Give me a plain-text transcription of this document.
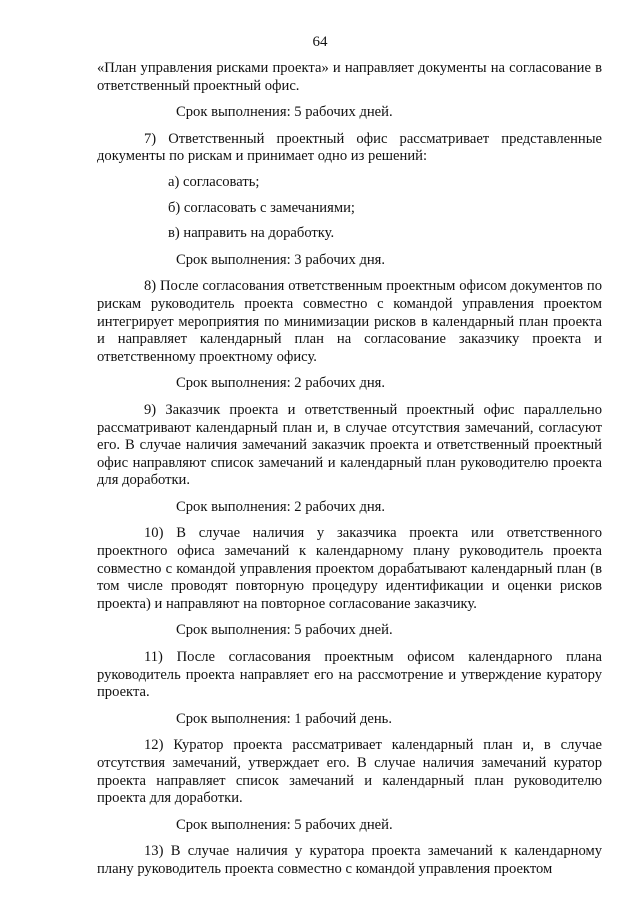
64

«План управления рисками проекта» и направляет документы на согласование в ответственный проектный офис.

Срок выполнения: 5 рабочих дней.

7) Ответственный проектный офис рассматривает представленные документы по рискам и принимает одно из решений:

а) согласовать;

б) согласовать с замечаниями;

в) направить на доработку.

Срок выполнения: 3 рабочих дня.

8) После согласования ответственным проектным офисом документов по рискам руководитель проекта совместно с командой управления проектом интегрирует мероприятия по минимизации рисков в календарный план проекта и направляет календарный план на согласование заказчику проекта и ответственному проектному офису.

Срок выполнения: 2 рабочих дня.

9) Заказчик проекта и ответственный проектный офис параллельно рассматривают календарный план и, в случае отсутствия замечаний, согласуют его. В случае наличия замечаний заказчик проекта и ответственный проектный офис направляют список замечаний и календарный план руководителю проекта для доработки.

Срок выполнения: 2 рабочих дня.

10) В случае наличия у заказчика проекта или ответственного проектного офиса замечаний к календарному плану руководитель проекта совместно с командой управления проектом дорабатывают календарный план (в том числе проводят повторную процедуру идентификации и оценки рисков проекта) и направляют на повторное согласование заказчику.

Срок выполнения: 5 рабочих дней.

11) После согласования проектным офисом календарного плана руководитель проекта направляет его на рассмотрение и утверждение куратору проекта.

Срок выполнения: 1 рабочий день.

12) Куратор проекта рассматривает календарный план и, в случае отсутствия замечаний, утверждает его. В случае наличия замечаний куратор проекта направляет список замечаний и календарный план руководителю проекта для доработки.

Срок выполнения: 5 рабочих дней.

13) В случае наличия у куратора проекта замечаний к календарному плану руководитель проекта совместно с командой управления проектом
